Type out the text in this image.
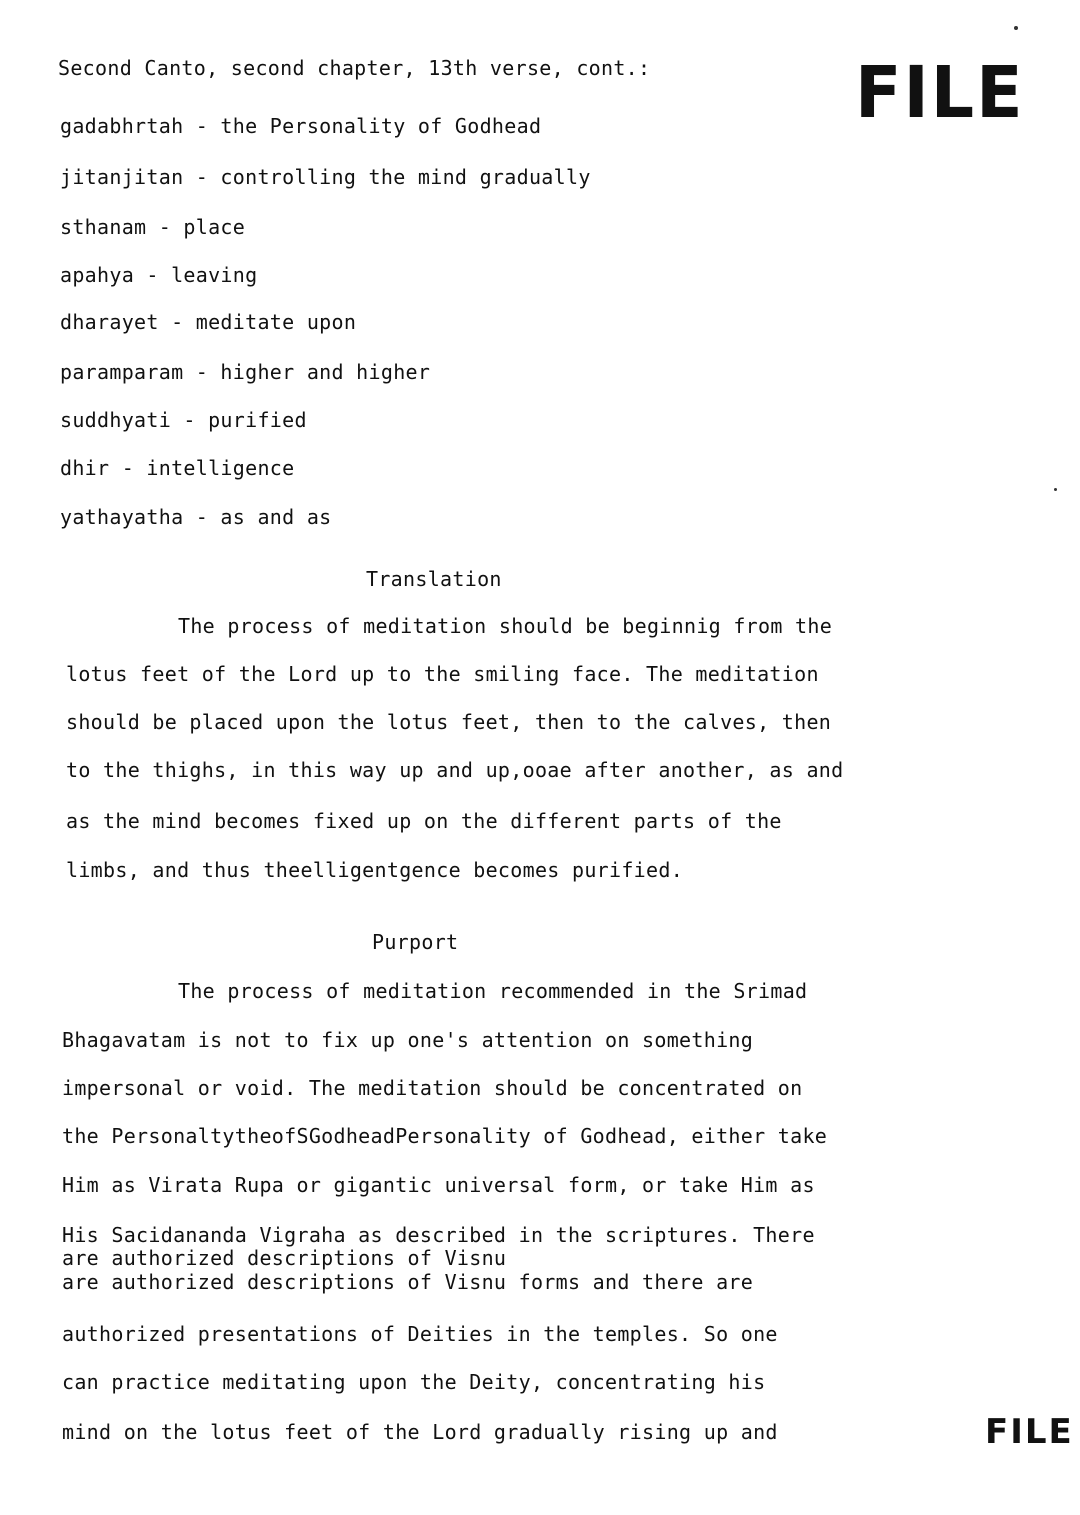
Second Canto, second chapter, 13th verse, cont.:	FILE
FILE
gadabhrtah - the Personality of Godhead
jitanjitan - controlling the mind gradually
sthanam - place
apahya - leaving
dharayet - meditate upon
paramparam - higher and higher
suddhyati - purified
dhir - intelligence
yathayatha - as and as
Translation
The process of meditation should be beginnig from the
lotus feet of the Lord up to the smiling face. The meditation
should be placed upon the lotus feet, then to the calves, then
to the thighs, in this way up and up,ooae after another, as and
as the mind becomes fixed up on the different parts of the
limbs, and thus theelligentgence becomes purified.
Purport
The process of meditation recommended in the Srimad
Bhagavatam is not to fix up one's attention on something
impersonal or void. The meditation should be concentrated on
the PersonaltytheofSGodheadPersonality of Godhead, either take
Him as Virata Rupa or gigantic universal form, or take Him as
His Sacidananda Vigraha as described in the scriptures. There
are authorized descriptions of Visnu
are authorized descriptions of Visnu forms and there are
authorized presentations of Deities in the temples. So one
can practice meditating upon the Deity, concentrating his
mind on the lotus feet of the Lord gradually rising up and
